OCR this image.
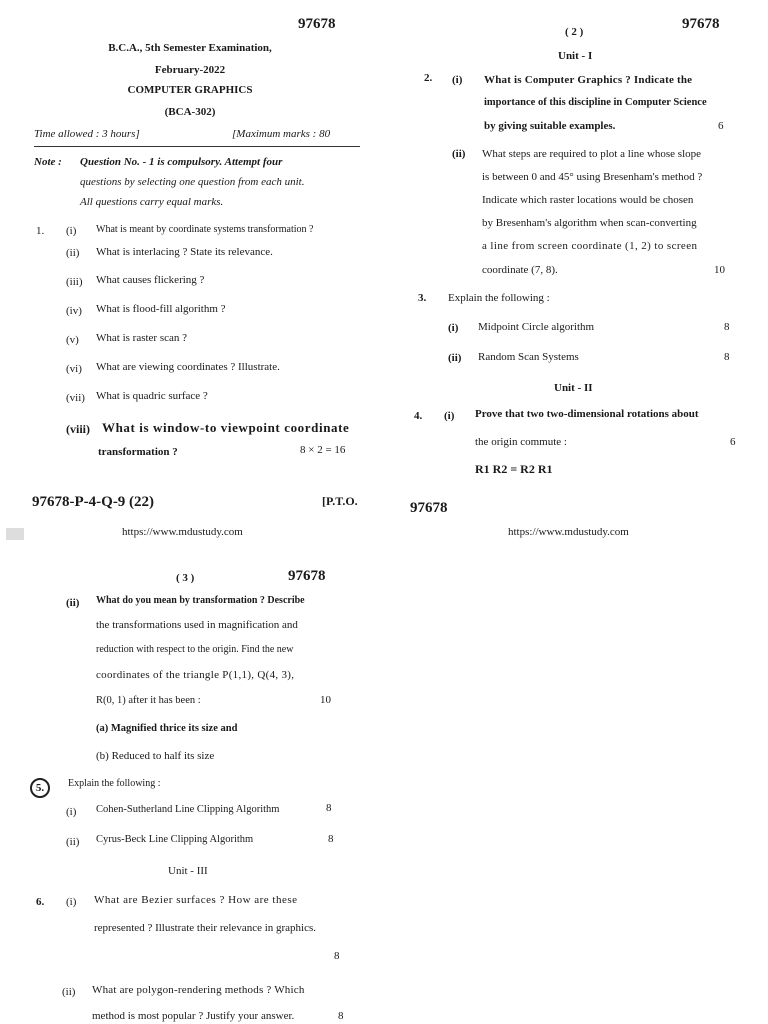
97678
B.C.A., 5th Semester Examination,
February-2022
COMPUTER GRAPHICS
(BCA-302)
Time allowed : 3 hours]	[Maximum marks : 80
Note : Question No. - 1 is compulsory. Attempt four
questions by selecting one question from each unit.
All questions carry equal marks.
1. (i) What is meant by coordinate systems transformation ?
(ii) What is interlacing ? State its relevance.
(iii) What causes flickering ?
(iv) What is flood-fill algorithm ?
(v) What is raster scan ?
(vi) What are viewing coordinates ? Illustrate.
(vii) What is quadric surface ?
(viii) What is window-to viewpoint coordinate
transformation ?	8 × 2 = 16
97678-P-4-Q-9 (22)	[P.T.O.
https://www.mdustudy.com
( 2 )	97678
Unit - I
2. (i) What is Computer Graphics ? Indicate the
importance of this discipline in Computer Science
by giving suitable examples.	6
(ii) What steps are required to plot a line whose slope
is between 0 and 45° using Bresenham's method ?
Indicate which raster locations would be chosen
by Bresenham's algorithm when scan-converting
a line from screen coordinate (1, 2) to screen
coordinate (7, 8).	10
3. Explain the following :
(i) Midpoint Circle algorithm	8
(ii) Random Scan Systems	8
Unit - II
4. (i) Prove that two two-dimensional rotations about
the origin commute :	6
R1 R2 = R2 R1
97678
https://www.mdustudy.com
( 3 )	97678
(ii) What do you mean by transformation ? Describe
the transformations used in magnification and
reduction with respect to the origin. Find the new
coordinates of the triangle P(1,1), Q(4, 3),
R(0, 1) after it has been :	10
(a) Magnified thrice its size and
(b) Reduced to half its size
5.	Explain the following :
(i) Cohen-Sutherland Line Clipping Algorithm	8
(ii) Cyrus-Beck Line Clipping Algorithm	8
Unit - III
6. (i) What are Bezier surfaces ? How are these
represented ? Illustrate their relevance in graphics.
8
(ii) What are polygon-rendering methods ? Which
method is most popular ? Justify your answer.	8
